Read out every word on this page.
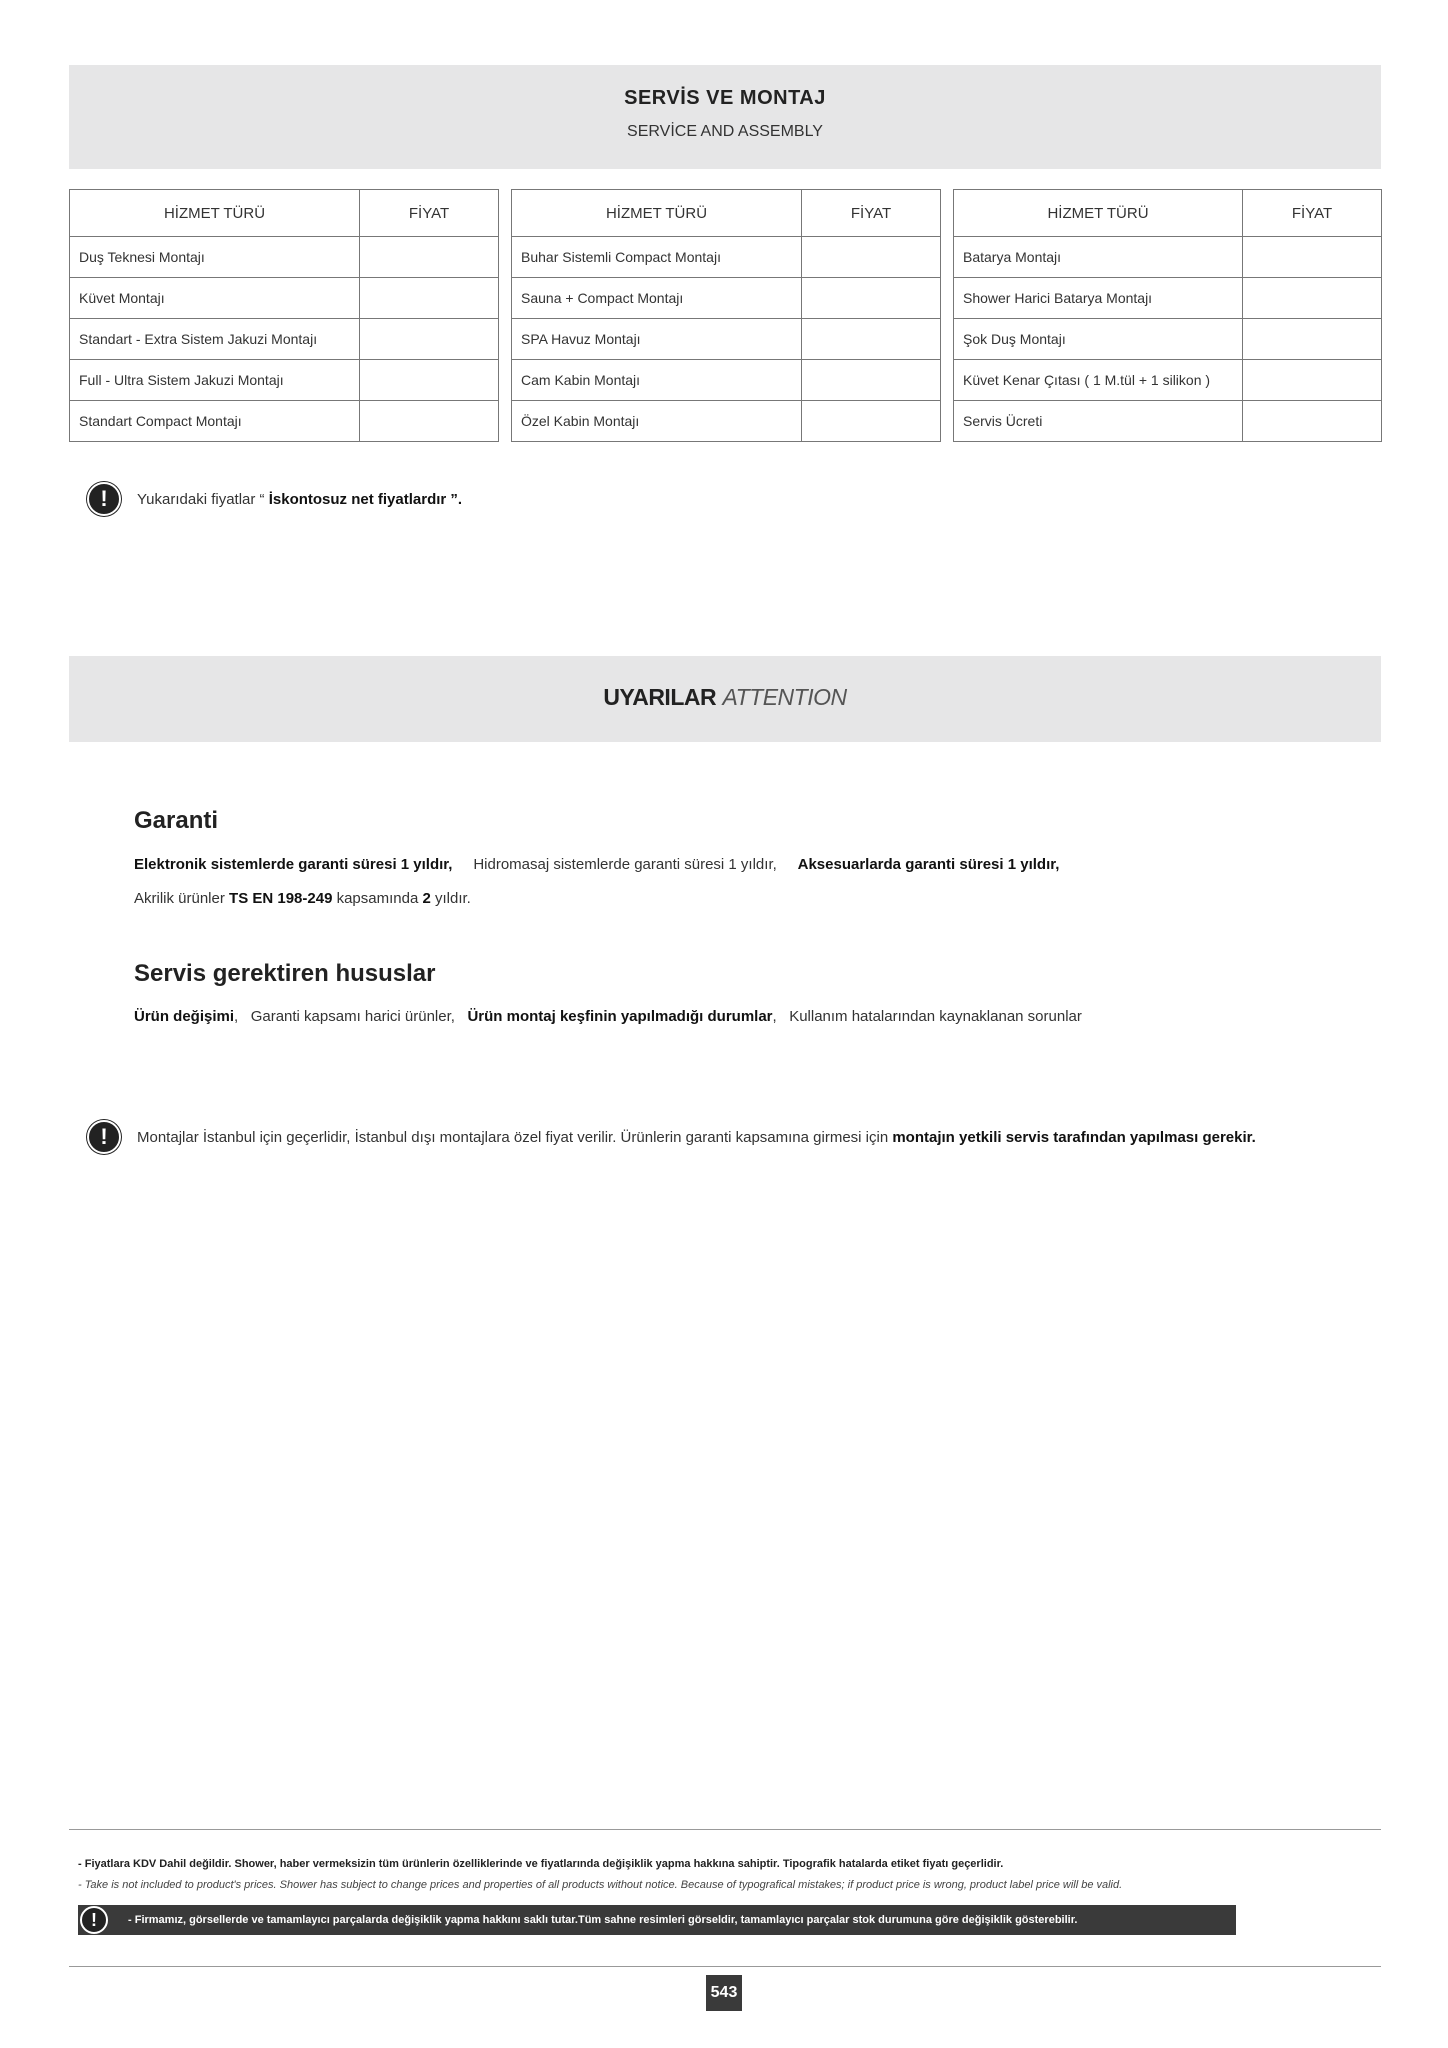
SERVİS VE MONTAJ
SERVİCE AND ASSEMBLY
HİZMET TÜRÜ	FİYAT
Duş Teknesi Montajı	
Küvet Montajı	
Standart - Extra Sistem Jakuzi Montajı	
Full - Ultra Sistem Jakuzi Montajı	
Standart Compact Montajı	
HİZMET TÜRÜ	FİYAT
Buhar Sistemli Compact Montajı	
Sauna + Compact Montajı	
SPA Havuz Montajı	
Cam Kabin Montajı	
Özel Kabin Montajı	
HİZMET TÜRÜ	FİYAT
Batarya Montajı	
Shower Harici Batarya Montajı	
Şok Duş Montajı	
Küvet Kenar Çıtası ( 1 M.tül + 1 silikon )	
Servis Ücreti	
!	Yukarıdaki fiyatlar “ İskontosuz net fiyatlardır ”.
UYARILAR ATTENTION
Garanti
Elektronik sistemlerde garanti süresi 1 yıldır, Hidromasaj sistemlerde garanti süresi 1 yıldır, Aksesuarlarda garanti süresi 1 yıldır,
Akrilik ürünler TS EN 198-249 kapsamında 2 yıldır.
Servis gerektiren hususlar
Ürün değişimi,   Garanti kapsamı harici ürünler, Ürün montaj keşfinin yapılmadığı durumlar,   Kullanım hatalarından kaynaklanan sorunlar
!	Montajlar İstanbul için geçerlidir, İstanbul dışı montajlara özel fiyat verilir. Ürünlerin garanti kapsamına girmesi için montajın yetkili servis tarafından yapılması gerekir.
- Fiyatlara KDV Dahil değildir. Shower, haber vermeksizin tüm ürünlerin özelliklerinde ve fiyatlarında değişiklik yapma hakkına sahiptir. Tipografik hatalarda etiket fiyatı geçerlidir.
- Take is not included to product's prices. Shower has subject to change prices and properties of all products without notice. Because of typografical mistakes; if product price is wrong, product label price will be valid.
!	- Firmamız, görsellerde ve tamamlayıcı parçalarda değişiklik yapma hakkını saklı tutar.Tüm sahne resimleri görseldir, tamamlayıcı parçalar stok durumuna göre değişiklik gösterebilir.
543
